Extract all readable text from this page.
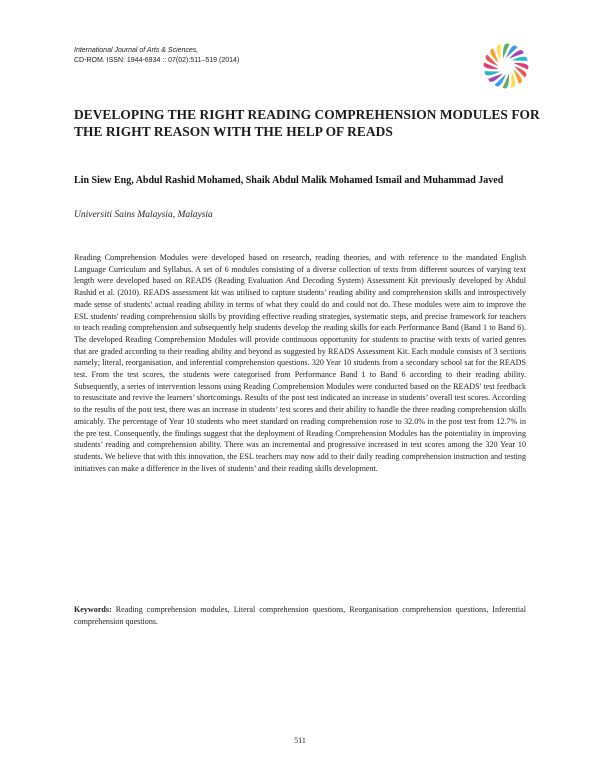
International Journal of Arts & Sciences,
CD-ROM. ISSN: 1944-6934 :: 07(02):511–519 (2014)
DEVELOPING THE RIGHT READING COMPREHENSION MODULES FOR THE RIGHT REASON WITH THE HELP OF READS
Lin Siew Eng, Abdul Rashid Mohamed, Shaik Abdul Malik Mohamed Ismail and Muhammad Javed
Universiti Sains Malaysia, Malaysia

Reading Comprehension Modules were developed based on research, reading theories, and with reference to the mandated English Language Curriculum and Syllabus. A set of 6 modules consisting of a diverse collection of texts from different sources of varying text length were developed based on READS (Reading Evaluation And Decoding System) Assessment Kit previously developed by Abdul Rashid et al. (2010). READS assessment kit was utilised to capture students’ reading ability and comprehension skills and introspectively made sense of students’ actual reading ability in terms of what they could do and could not do. These modules were aim to improve the ESL students' reading comprehension skills by providing effective reading strategies, systematic steps, and precise framework for teachers to teach reading comprehension and subsequently help students develop the reading skills for each Performance Band (Band 1 to Band 6). The developed Reading Comprehension Modules will provide continuous opportunity for students to practise with texts of varied genres that are graded according to their reading ability and beyond as suggested by READS Assessment Kit. Each module consists of 3 sections namely; literal, reorganisation, and inferential comprehension questions. 320 Year 10 students from a secondary school sat for the READS test. From the test scores, the students were categorised from Performance Band 1 to Band 6 according to their reading ability. Subsequently, a series of intervention lessons using Reading Comprehension Modules were conducted based on the READS' test feedback to resuscitate and revive the learners’ shortcomings. Results of the post test indicated an increase in students’ overall test scores. According to the results of the post test, there was an increase in students’ test scores and their ability to handle the three reading comprehension skills amicably. The percentage of Year 10 students who meet standard on reading comprehension rose to 32.0% in the post test from 12.7% in the pre test. Consequently, the findings suggest that the deployment of Reading Comprehension Modules has the potentiality in improving students’ reading and comprehension ability. There was an incremental and progressive increased in test scores among the 320 Year 10 students. We believe that with this innovation, the ESL teachers may now add to their daily reading comprehension instruction and testing initiatives can make a difference in the lives of students’ and their reading skills development.

Keywords: Reading comprehension modules, Literal comprehension questions, Reorganisation comprehension questions, Inferential comprehension questions.

511
